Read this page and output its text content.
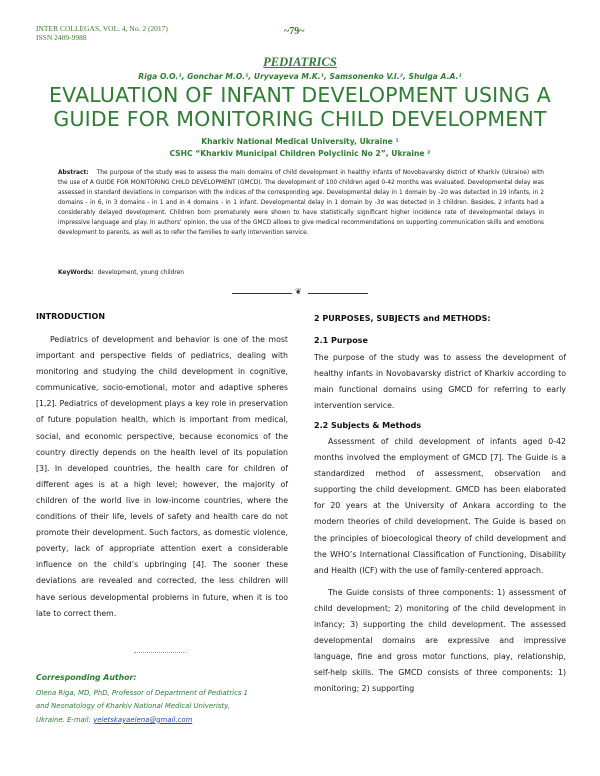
INTER COLLEGAS, VOL. 4, No. 2 (2017)
ISSN 2409-9988
~79~
PEDIATRICS
Riga O.O.¹, Gonchar M.O.¹, Uryvayeva M.K.¹, Samsonenko V.I.², Shulga A.A.¹
EVALUATION OF INFANT DEVELOPMENT USING A GUIDE FOR MONITORING CHILD DEVELOPMENT
Kharkiv National Medical University, Ukraine ¹
CSHC “Kharkiv Municipal Children Polyclinic No 2”, Ukraine ²
Abstract: The purpose of the study was to assess the main domains of child development in healthy infants of Novobavarsky district of Kharkiv (Ukraine) with the use of A GUIDE FOR MONITORING CHILD DEVELOPMENT (GMCD). The development of 100 children aged 0-42 months was evaluated. Developmental delay was assessed in standard deviations in comparison with the indices of the corresponding age. Developmental delay in 1 domain by -2σ was detected in 19 infants, in 2 domains - in 6, in 3 domains - in 1 and in 4 domains - in 1 infant. Developmental delay in 1 domain by -3σ was detected in 3 children. Besides, 2 infants had a considerably delayed development. Children born prematurely were shown to have statistically significant higher incidence rate of developmental delays in impressive language and play. In authors’ opinion, the use of the GMCD allows to give medical recommendations on supporting communication skills and emotions development to parents, as well as to refer the families to early intervention service.
KeyWords: development, young children
❦
INTRODUCTION

Pediatrics of development and behavior is one of the most important and perspective fields of pediatrics, dealing with monitoring and studying the child development in cognitive, communicative, socio-emotional, motor and adaptive spheres [1,2]. Pediatrics of development plays a key role in preservation of future population health, which is important from medical, social, and economic perspective, because economics of the country directly depends on the health level of its population [3]. In developed countries, the health care for children of different ages is at a high level; however, the majority of children of the world live in low-income countries, where the conditions of their life, levels of safety and health care do not promote their development. Such factors, as domestic violence, poverty, lack of appropriate attention exert a considerable influence on the child’s upbringing [4]. The sooner these deviations are revealed and corrected, the less children will have serious developmental problems in future, when it is too late to correct them.

Corresponding Author:
Olena Riga, MD, PhD, Professor of Department of Pediatrics 1
and Neonatology of Kharkiv National Medical Univeristy,
Ukraine. E-mail: yeletskayaelena@gmail.com
2 PURPOSES, SUBJECTS and METHODS:
2.1 Purpose

The purpose of the study was to assess the development of healthy infants in Novobavarsky district of Kharkiv according to main functional domains using GMCD for referring to early intervention service.

2.2 Subjects & Methods

Assessment of child development of infants aged 0-42 months involved the employment of GMCD [7]. The Guide is a standardized method of assessment, observation and supporting the child development. GMCD has been elaborated for 20 years at the University of Ankara according to the modern theories of child development. The Guide is based on the principles of bioecological theory of child development and the WHO’s International Classification of Functioning, Disability and Health (ICF) with the use of family-centered approach.

The Guide consists of three components: 1) assessment of child development; 2) monitoring of the child development in infancy; 3) supporting the child development. The assessed developmental domains are expressive and impressive language, fine and gross motor functions, play, relationship, self-help skills. The GMCD consists of three components: 1) monitoring; 2) supporting
